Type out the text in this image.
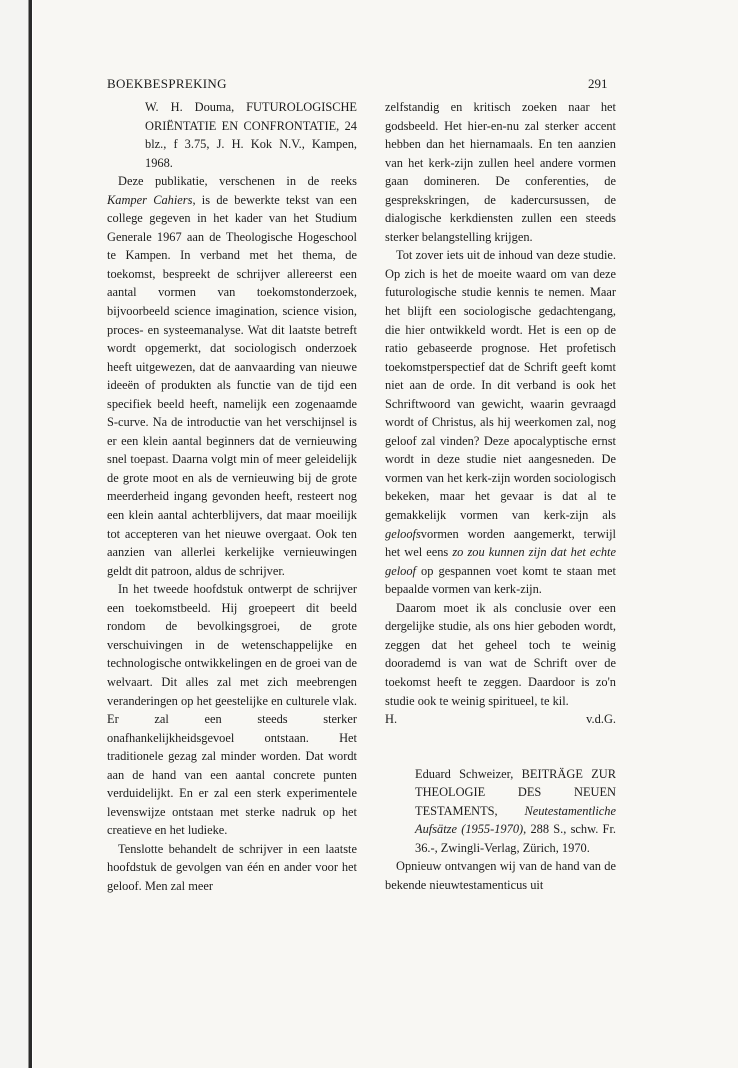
BOEKBESPREKING	291

W. H. Douma, FUTUROLOGISCHE ORIËNTATIE EN CONFRONTATIE, 24 blz., f 3.75, J. H. Kok N.V., Kampen, 1968.

Deze publikatie, verschenen in de reeks Kamper Cahiers, is de bewerkte tekst van een college gegeven in het kader van het Studium Generale 1967 aan de Theologische Hogeschool te Kampen. In verband met het thema, de toekomst, bespreekt de schrijver allereerst een aantal vormen van toekomstonderzoek, bijvoorbeeld science imagination, science vision, proces- en systeemanalyse. Wat dit laatste betreft wordt opgemerkt, dat sociologisch onderzoek heeft uitgewezen, dat de aanvaarding van nieuwe ideeën of produkten als functie van de tijd een specifiek beeld heeft, namelijk een zogenaamde S-curve. Na de introductie van het verschijnsel is er een klein aantal beginners dat de vernieuwing snel toepast. Daarna volgt min of meer geleidelijk de grote moot en als de vernieuwing bij de grote meerderheid ingang gevonden heeft, resteert nog een klein aantal achterblijvers, dat maar moeilijk tot accepteren van het nieuwe overgaat. Ook ten aanzien van allerlei kerkelijke vernieuwingen geldt dit patroon, aldus de schrijver.

In het tweede hoofdstuk ontwerpt de schrijver een toekomstbeeld. Hij groepeert dit beeld rondom de bevolkingsgroei, de grote verschuivingen in de wetenschappelijke en technologische ontwikkelingen en de groei van de welvaart. Dit alles zal met zich meebrengen veranderingen op het geestelijke en culturele vlak. Er zal een steeds sterker onafhankelijkheidsgevoel ontstaan. Het traditionele gezag zal minder worden. Dat wordt aan de hand van een aantal concrete punten verduidelijkt. En er zal een sterk experimentele levenswijze ontstaan met sterke nadruk op het creatieve en het ludieke.

Tenslotte behandelt de schrijver in een laatste hoofdstuk de gevolgen van één en ander voor het geloof. Men zal meer

zelfstandig en kritisch zoeken naar het godsbeeld. Het hier-en-nu zal sterker accent hebben dan het hiernamaals. En ten aanzien van het kerk-zijn zullen heel andere vormen gaan domineren. De conferenties, de gesprekskringen, de kadercursussen, de dialogische kerkdiensten zullen een steeds sterker belangstelling krijgen.

Tot zover iets uit de inhoud van deze studie. Op zich is het de moeite waard om van deze futurologische studie kennis te nemen. Maar het blijft een sociologische gedachtengang, die hier ontwikkeld wordt. Het is een op de ratio gebaseerde prognose. Het profetisch toekomstperspectief dat de Schrift geeft komt niet aan de orde. In dit verband is ook het Schriftwoord van gewicht, waarin gevraagd wordt of Christus, als hij weerkomen zal, nog geloof zal vinden? Deze apocalyptische ernst wordt in deze studie niet aangesneden. De vormen van het kerk-zijn worden sociologisch bekeken, maar het gevaar is dat al te gemakkelijk vormen van kerk-zijn als geloofsvormen worden aangemerkt, terwijl het wel eens zo zou kunnen zijn dat het echte geloof op gespannen voet komt te staan met bepaalde vormen van kerk-zijn.

Daarom moet ik als conclusie over een dergelijke studie, als ons hier geboden wordt, zeggen dat het geheel toch te weinig doorademd is van wat de Schrift over de toekomst heeft te zeggen. Daardoor is zo'n studie ook te weinig spiritueel, te kil.

H.	v.d.G.

Eduard Schweizer, BEITRÄGE ZUR THEOLOGIE DES NEUEN TESTAMENTS, Neutestamentliche Aufsätze (1955-1970), 288 S., schw. Fr. 36.-, Zwingli-Verlag, Zürich, 1970.

Opnieuw ontvangen wij van de hand van de bekende nieuwtestamenticus uit
